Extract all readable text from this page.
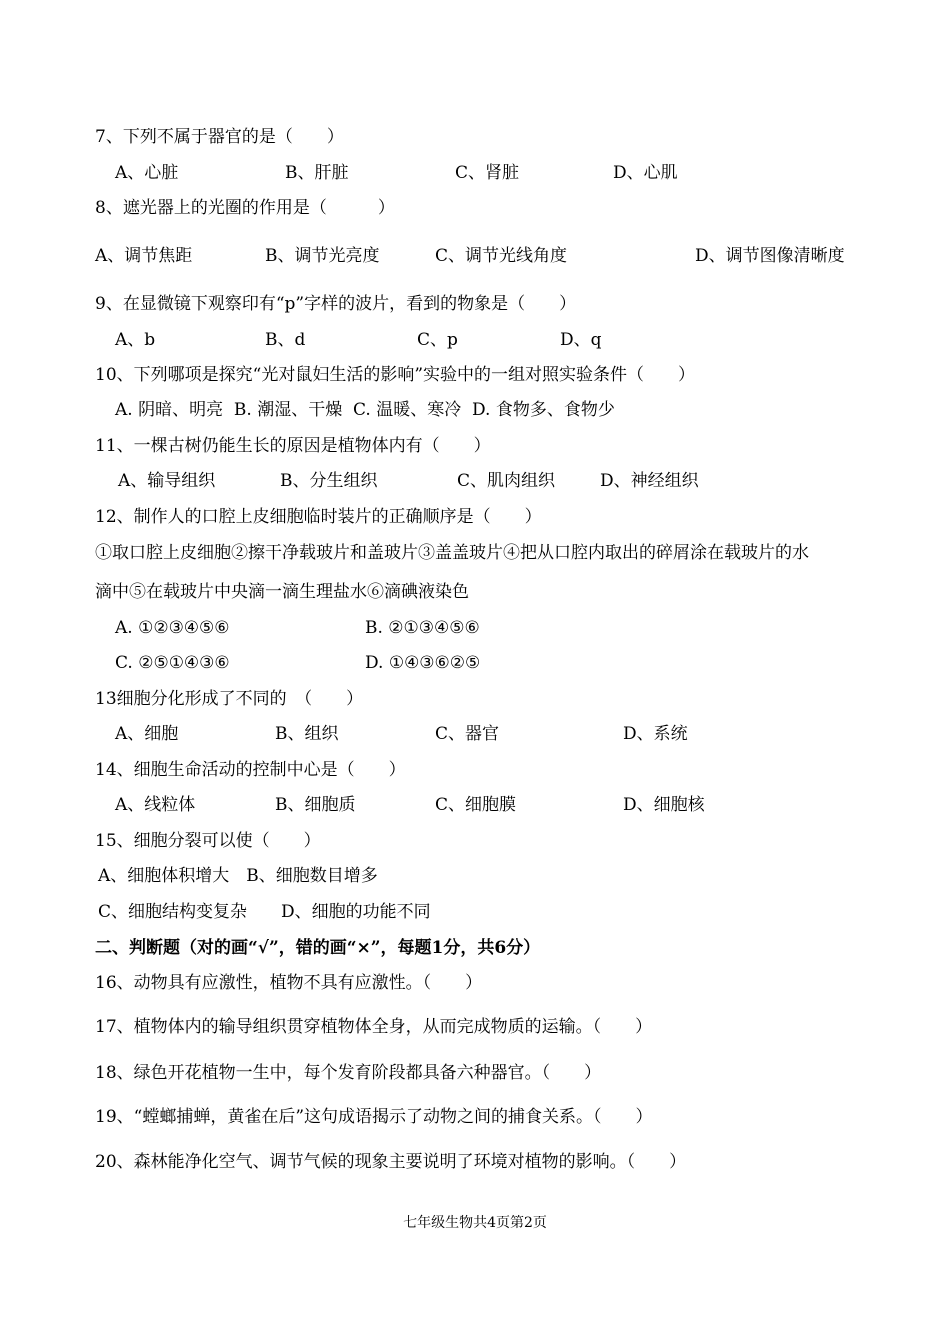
7、下列不属于器官的是（　　）
A、心脏	B、肝脏	C、肾脏	D、心肌
8、遮光器上的光圈的作用是（　　　）
A、调节焦距	B、调节光亮度	C、调节光线角度	D、调节图像清晰度
9、在显微镜下观察印有“p”字样的波片，看到的物象是（　　）
A、b	B、d	C、p	D、q
10、下列哪项是探究“光对鼠妇生活的影响”实验中的一组对照实验条件（　　）
A. 阴暗、明亮  B. 潮湿、干燥  C. 温暖、寒冷  D. 食物多、食物少
11、一棵古树仍能生长的原因是植物体内有（　　）
A、输导组织	B、分生组织	C、肌肉组织	D、神经组织
12、制作人的口腔上皮细胞临时装片的正确顺序是（　　）
①取口腔上皮细胞②擦干净载玻片和盖玻片③盖盖玻片④把从口腔内取出的碎屑涂在载玻片的水
滴中⑤在载玻片中央滴一滴生理盐水⑥滴碘液染色
A. ①②③④⑤⑥	B. ②①③④⑤⑥
C. ②⑤①④③⑥	D. ①④③⑥②⑤
13细胞分化形成了不同的　（　　）
A、细胞	B、组织	C、器官	D、系统
14、细胞生命活动的控制中心是（　　）
A、线粒体	B、细胞质	C、细胞膜	D、细胞核
15、细胞分裂可以使（　　）
A、细胞体积增大　B、细胞数目增多
C、细胞结构变复杂　　D、细胞的功能不同
二、判断题（对的画“√”，错的画“×”，每题1分，共6分）
16、动物具有应激性，植物不具有应激性。（　　）
17、植物体内的输导组织贯穿植物体全身，从而完成物质的运输。（　　）
18、绿色开花植物一生中，每个发育阶段都具备六种器官。（　　）
19、“螳螂捕蝉，黄雀在后”这句成语揭示了动物之间的捕食关系。（　　）
20、森林能净化空气、调节气候的现象主要说明了环境对植物的影响。（　　）
七年级生物共4页第2页
